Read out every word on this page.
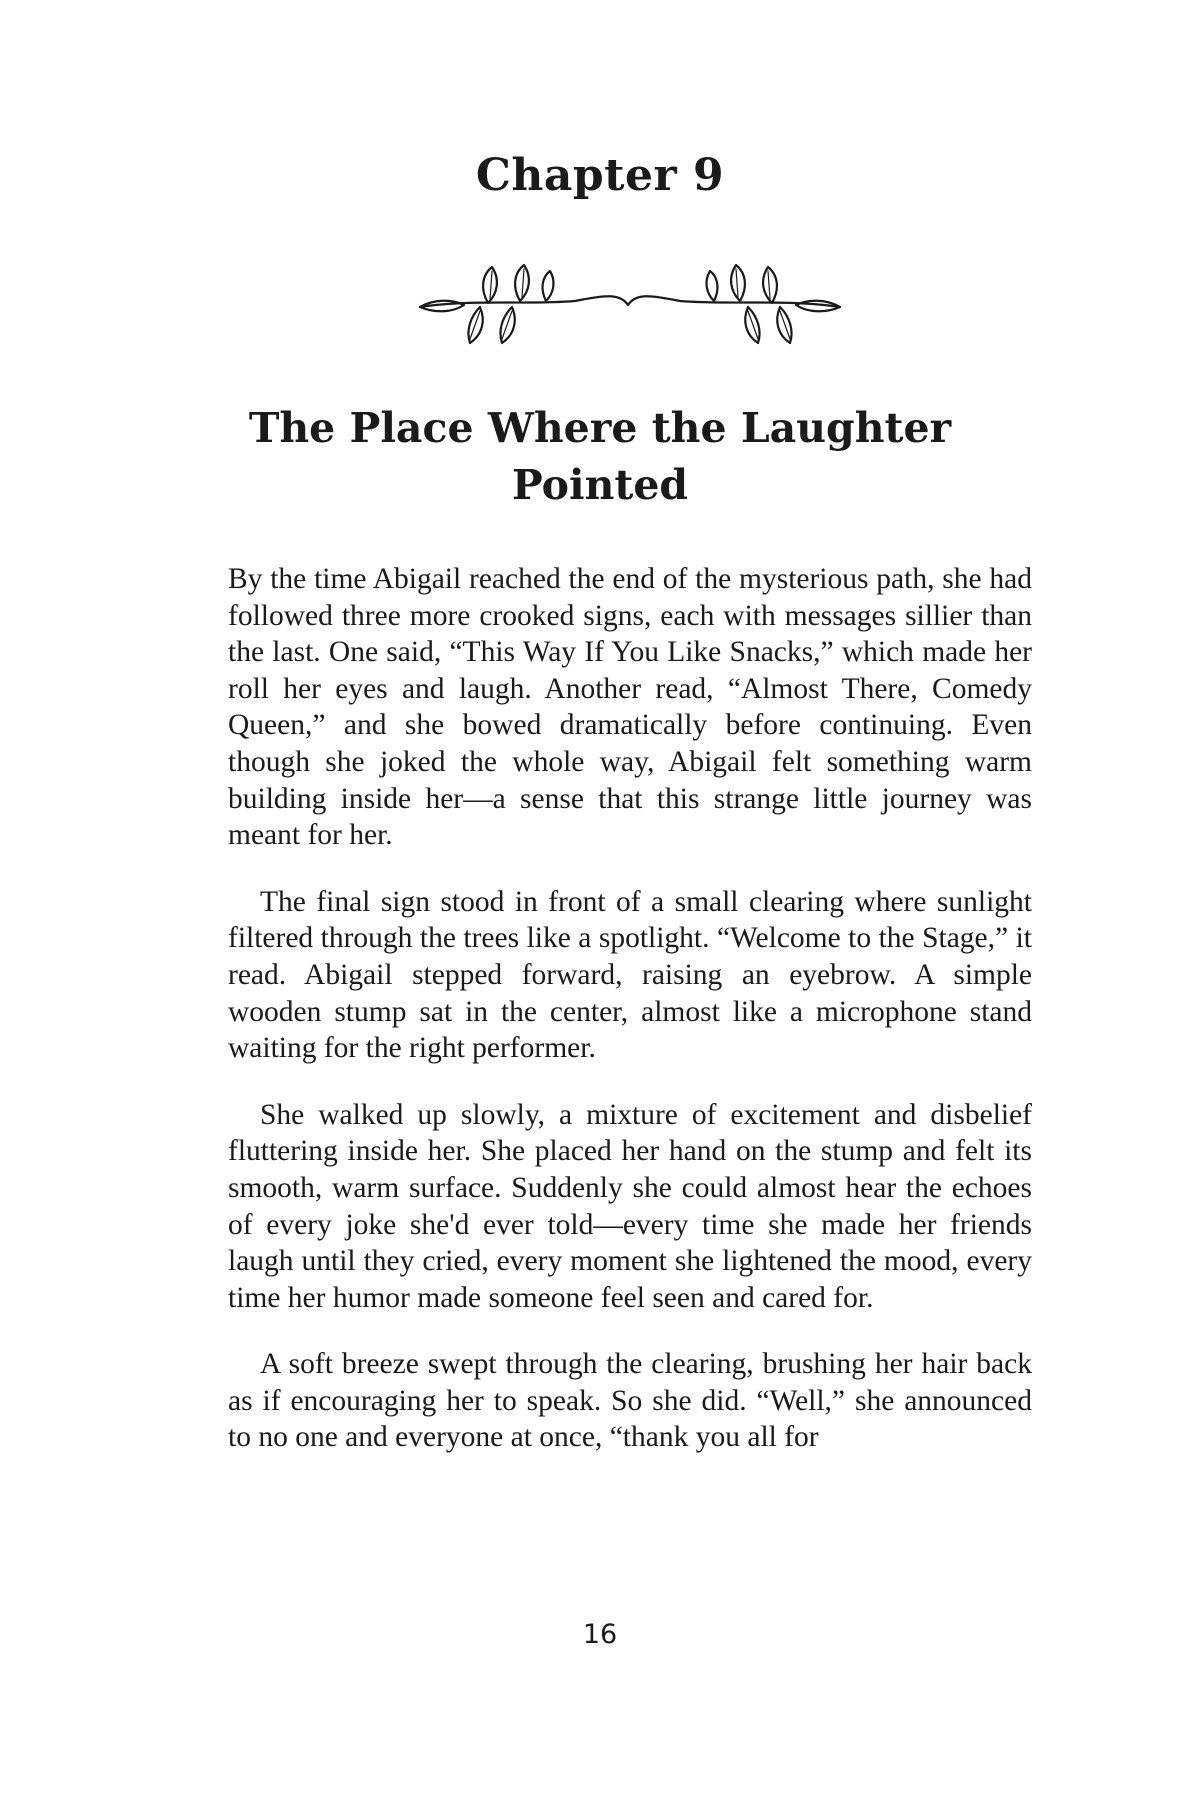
Chapter 9
The Place Where the Laughter Pointed

By the time Abigail reached the end of the mysterious path, she had followed three more crooked signs, each with messages sillier than the last. One said, “This Way If You Like Snacks,” which made her roll her eyes and laugh. Another read, “Almost There, Comedy Queen,” and she bowed dramatically before continuing. Even though she joked the whole way, Abigail felt something warm building inside her—a sense that this strange little journey was meant for her.

The final sign stood in front of a small clearing where sunlight filtered through the trees like a spotlight. “Welcome to the Stage,” it read. Abigail stepped forward, raising an eyebrow. A simple wooden stump sat in the center, almost like a microphone stand waiting for the right performer.

She walked up slowly, a mixture of excitement and disbelief fluttering inside her. She placed her hand on the stump and felt its smooth, warm surface. Suddenly she could almost hear the echoes of every joke she'd ever told—every time she made her friends laugh until they cried, every moment she lightened the mood, every time her humor made someone feel seen and cared for.

A soft breeze swept through the clearing, brushing her hair back as if encouraging her to speak. So she did. “Well,” she announced to no one and everyone at once, “thank you all for

16
